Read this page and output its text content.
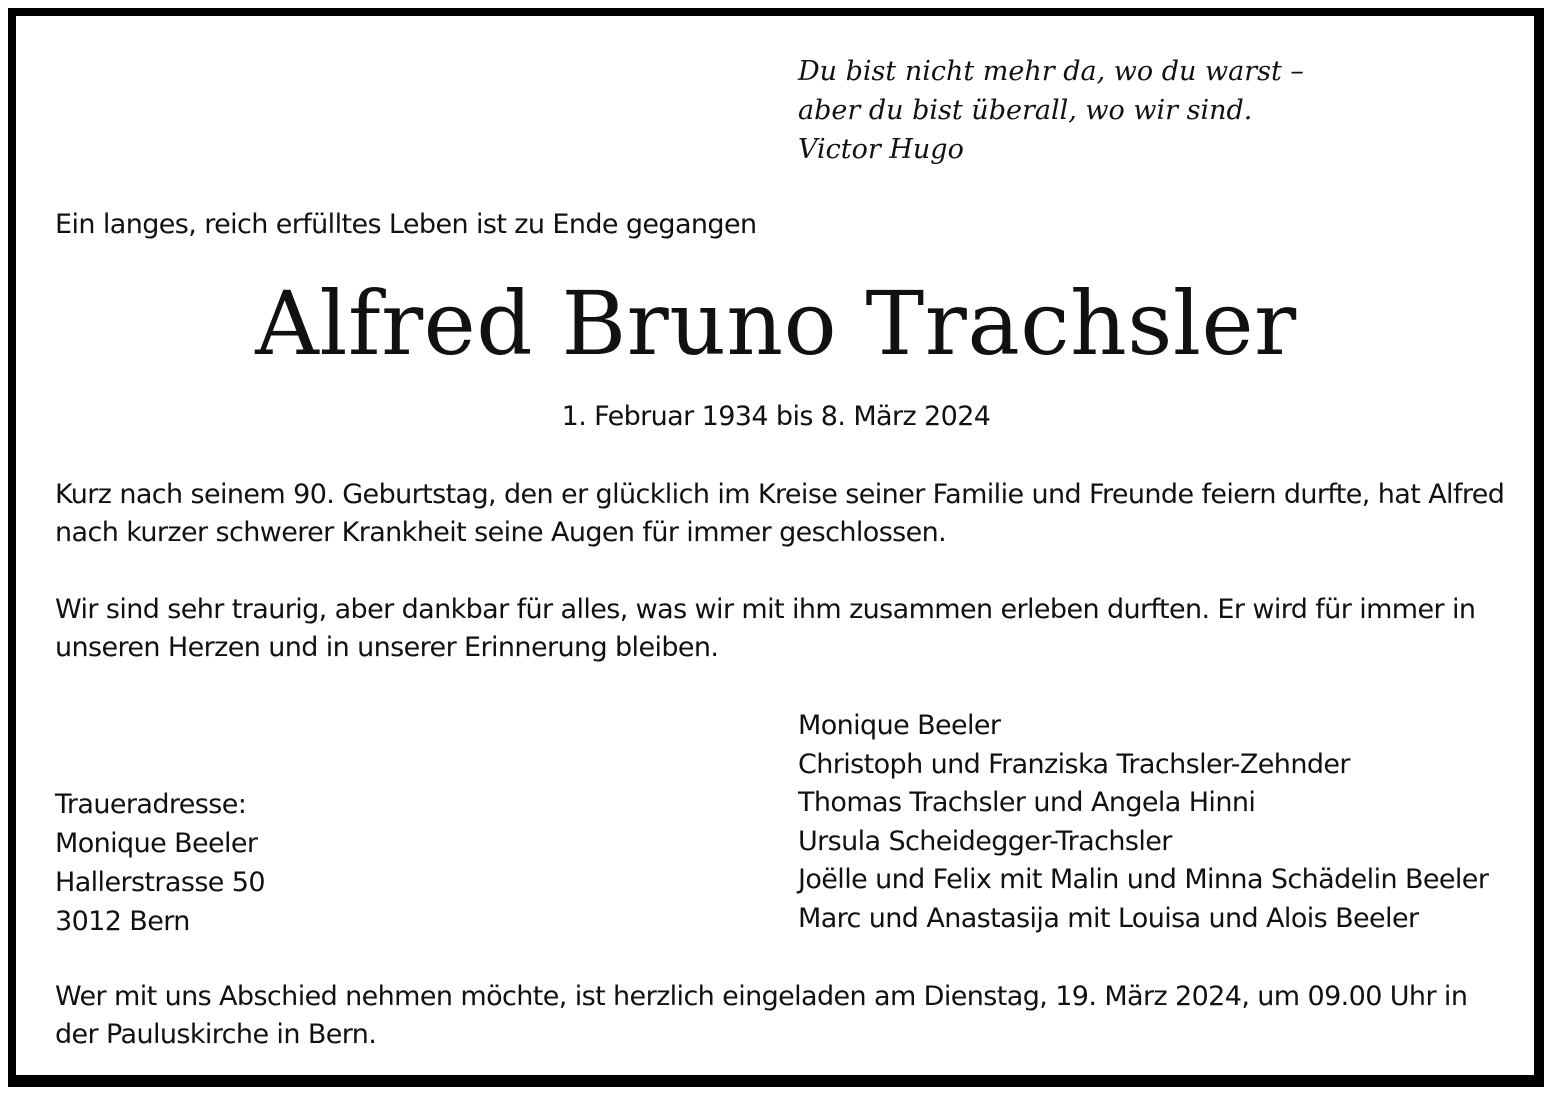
Du bist nicht mehr da, wo du warst –
aber du bist überall, wo wir sind.
Victor Hugo
Ein langes, reich erfülltes Leben ist zu Ende gegangen
Alfred Bruno Trachsler
1. Februar 1934 bis 8. März 2024
Kurz nach seinem 90. Geburtstag, den er glücklich im Kreise seiner Familie und Freunde feiern durfte, hat Alfred
nach kurzer schwerer Krankheit seine Augen für immer geschlossen.
Wir sind sehr traurig, aber dankbar für alles, was wir mit ihm zusammen erleben durften. Er wird für immer in
unseren Herzen und in unserer Erinnerung bleiben.
Traueradresse:
Monique Beeler
Hallerstrasse 50
3012 Bern
Monique Beeler
Christoph und Franziska Trachsler-Zehnder
Thomas Trachsler und Angela Hinni
Ursula Scheidegger-Trachsler
Joëlle und Felix mit Malin und Minna Schädelin Beeler
Marc und Anastasija mit Louisa und Alois Beeler
Wer mit uns Abschied nehmen möchte, ist herzlich eingeladen am Dienstag, 19. März 2024, um 09.00 Uhr in
der Pauluskirche in Bern.
